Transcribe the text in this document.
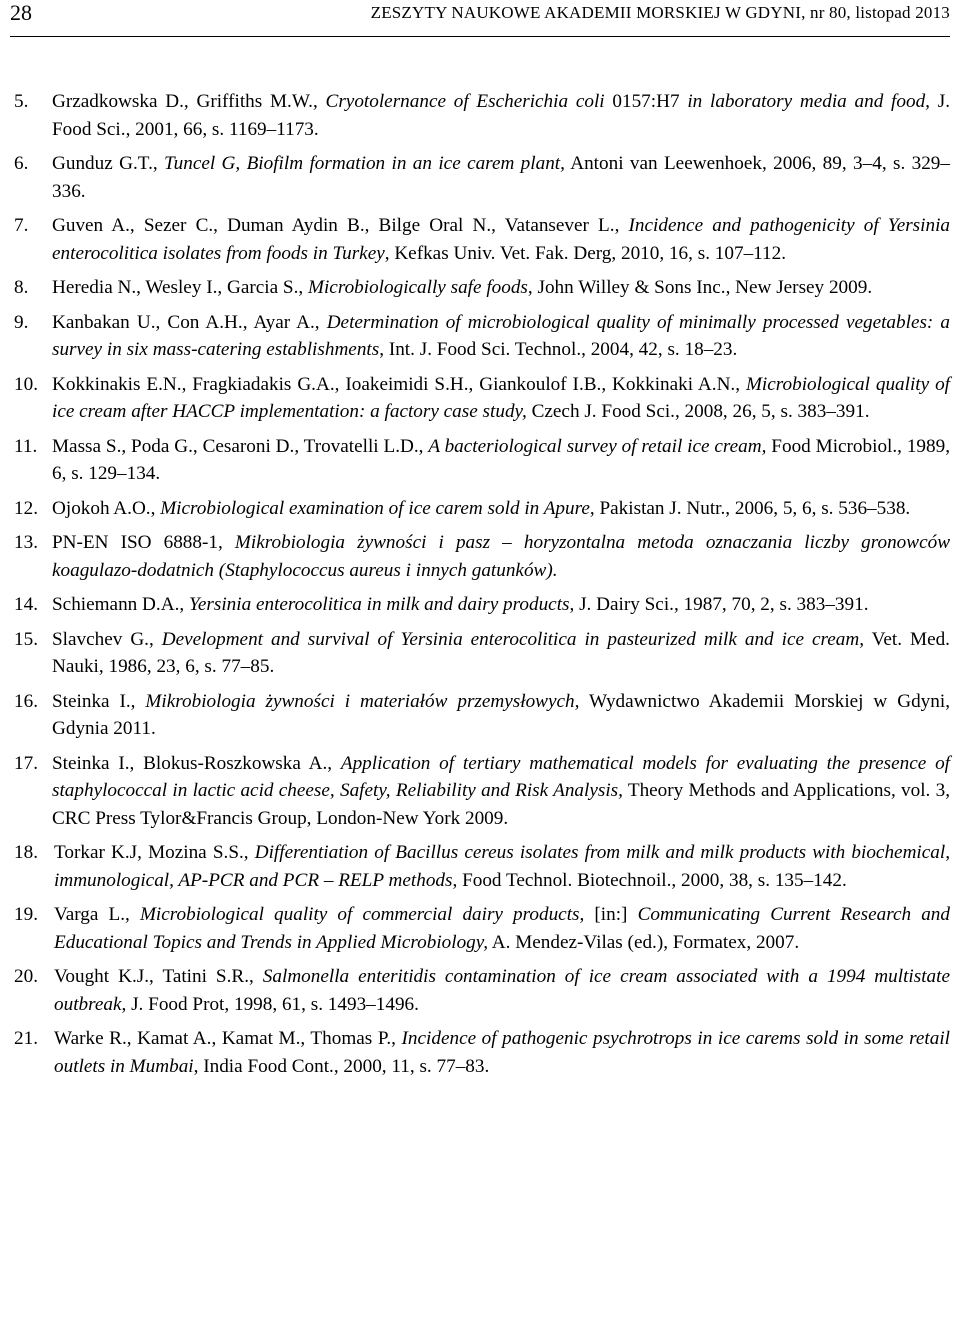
28	ZESZYTY NAUKOWE AKADEMII MORSKIEJ W GDYNI, nr 80, listopad 2013
5.	Grzadkowska D., Griffiths M.W., Cryotolernance of Escherichia coli 0157:H7 in laboratory media and food, J. Food Sci., 2001, 66, s. 1169–1173.
6.	Gunduz G.T., Tuncel G, Biofilm formation in an ice carem plant, Antoni van Leewenhoek, 2006, 89, 3–4, s. 329–336.
7.	Guven A., Sezer C., Duman Aydin B., Bilge Oral N., Vatansever L., Incidence and pathogenicity of Yersinia enterocolitica isolates from foods in Turkey, Kefkas Univ. Vet. Fak. Derg, 2010, 16, s. 107–112.
8.	Heredia N., Wesley I., Garcia S., Microbiologically safe foods, John Willey & Sons Inc., New Jersey 2009.
9.	Kanbakan U., Con A.H., Ayar A., Determination of microbiological quality of minimally processed vegetables: a survey in six mass-catering establishments, Int. J. Food Sci. Technol., 2004, 42, s. 18–23.
10. Kokkinakis E.N., Fragkiadakis G.A., Ioakeimidi S.H., Giankoulof I.B., Kokkinaki A.N., Microbiological quality of ice cream after HACCP implementation: a factory case study, Czech J. Food Sci., 2008, 26, 5, s. 383–391.
11. Massa S., Poda G., Cesaroni D., Trovatelli L.D., A bacteriological survey of retail ice cream, Food Microbiol., 1989, 6, s. 129–134.
12. Ojokoh A.O., Microbiological examination of ice carem sold in Apure, Pakistan J. Nutr., 2006, 5, 6, s. 536–538.
13. PN-EN ISO 6888-1, Mikrobiologia żywności i pasz – horyzontalna metoda oznaczania liczby gronowców koagulazo-dodatnich (Staphylococcus aureus i innych gatunków).
14. Schiemann D.A., Yersinia enterocolitica in milk and dairy products, J. Dairy Sci., 1987, 70, 2, s. 383–391.
15. Slavchev G., Development and survival of Yersinia enterocolitica in pasteurized milk and ice cream, Vet. Med. Nauki, 1986, 23, 6, s. 77–85.
16. Steinka I., Mikrobiologia żywności i materiałów przemysłowych, Wydawnictwo Akademii Morskiej w Gdyni, Gdynia 2011.
17. Steinka I., Blokus-Roszkowska A., Application of tertiary mathematical models for evaluating the presence of staphylococcal in lactic acid cheese, Safety, Reliability and Risk Analysis, Theory Methods and Applications, vol. 3, CRC Press Tylor&Francis Group, London-New York 2009.
18. Torkar K.J, Mozina S.S., Differentiation of Bacillus cereus isolates from milk and milk products with biochemical, immunological, AP-PCR and PCR – RELP methods, Food Technol. Biotechnoil., 2000, 38, s. 135–142.
19. Varga L., Microbiological quality of commercial dairy products, [in:] Communicating Current Research and Educational Topics and Trends in Applied Microbiology, A. Mendez-Vilas (ed.), Formatex, 2007.
20. Vought K.J., Tatini S.R., Salmonella enteritidis contamination of ice cream associated with a 1994 multistate outbreak, J. Food Prot, 1998, 61, s. 1493–1496.
21. Warke R., Kamat A., Kamat M., Thomas P., Incidence of pathogenic psychrotrops in ice carems sold in some retail outlets in Mumbai, India Food Cont., 2000, 11, s. 77–83.
